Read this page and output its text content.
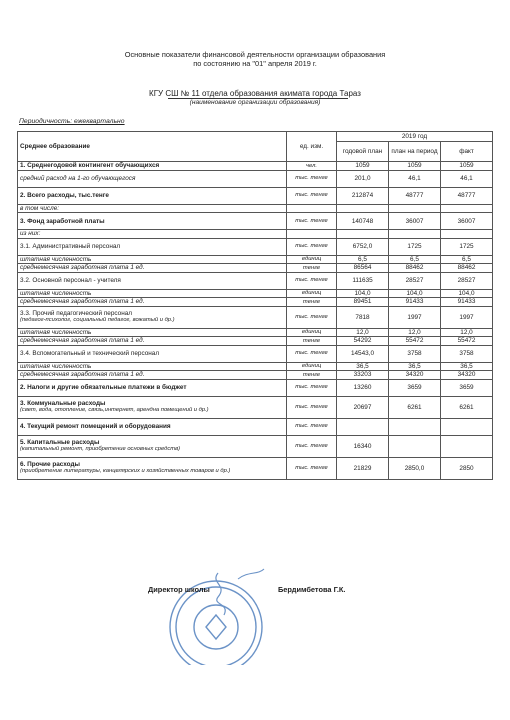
Основные показатели финансовой деятельности организации образования
по состоянию на "01" апреля 2019 г.
КГУ СШ № 11 отдела образования акимата города Тараз
(наименование организации образования)
Периодичность: ежеквартально
Среднее образование	ед. изм.	2019 год		
		годовой план	план на период	факт
1. Среднегодовой контингент обучающихся	чел.	1059	1059	1059
средний расход на 1-го обучающегося	тыс. тенге	201,0	46,1	46,1
2. Всего расходы, тыс.тенге	тыс. тенге	212874	48777	48777
в том числе:				
3. Фонд заработной платы	тыс. тенге	140748	36007	36007
из них:				
3.1. Административный персонал	тыс. тенге	6752,0	1725	1725
штатная численность	единиц	6,5	6,5	6,5
среднемесячная заработная плата 1 ед.	тенге	86564	88462	88462
3.2. Основной персонал - учителя	тыс. тенге	111635	28527	28527
штатная численность	единиц	104,0	104,0	104,0
среднемесячная заработная плата 1 ед.	тенге	89451	91433	91433
3.3. Прочий педагогический персонал
(педагог-психолог, социальный педагог, вожатый и др.)	тыс. тенге	7818	1997	1997
штатная численность	единиц	12,0	12,0	12,0
среднемесячная заработная плата 1 ед.	тенге	54292	55472	55472
3.4. Вспомогательный и технический персонал	тыс. тенге	14543,0	3758	3758
штатная численность	единиц	36,5	36,5	36,5
среднемесячная заработная плата 1 ед.	тенге	33203	34320	34320
2. Налоги и другие обязательные платежи в бюджет	тыс. тенге	13260	3659	3659
3. Коммунальные расходы
(свет, вода, отопление, связь,интернет, арендна помещений и др.)	тыс. тенге	20697	6261	6261
4. Текущий ремонт помещений и оборудования	тыс. тенге			
5. Капитальные расходы
(капитальный ремонт, приобретение основных средств)	тыс. тенге	16340		
6. Прочие расходы
(приобретение литературы, канцелярских и хозяйственных товаров и др.)	тыс. тенге	21829	2850,0	2850
Директор школы	Бердимбетова Г.К.
